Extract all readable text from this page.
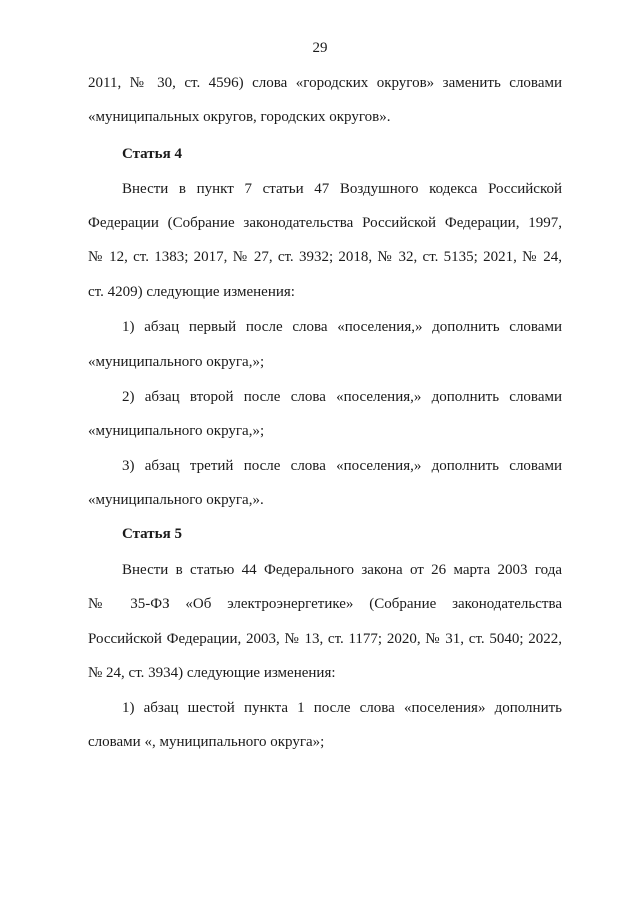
29
2011, № 30, ст. 4596) слова «городских округов» заменить словами
«муниципальных округов, городских округов».
Статья 4
Внести в пункт 7 статьи 47 Воздушного кодекса Российской
Федерации (Собрание законодательства Российской Федерации, 1997,
№ 12, ст. 1383; 2017, № 27, ст. 3932; 2018, № 32, ст. 5135; 2021, № 24,
ст. 4209) следующие изменения:
1) абзац первый после слова «поселения,» дополнить словами
«муниципального округа,»;
2) абзац второй после слова «поселения,» дополнить словами
«муниципального округа,»;
3) абзац третий после слова «поселения,» дополнить словами
«муниципального округа,».
Статья 5
Внести в статью 44 Федерального закона от 26 марта 2003 года
№ 35-ФЗ «Об электроэнергетике» (Собрание законодательства
Российской Федерации, 2003, № 13, ст. 1177; 2020, № 31, ст. 5040; 2022,
№ 24, ст. 3934) следующие изменения:
1) абзац шестой пункта 1 после слова «поселения» дополнить
словами «, муниципального округа»;
